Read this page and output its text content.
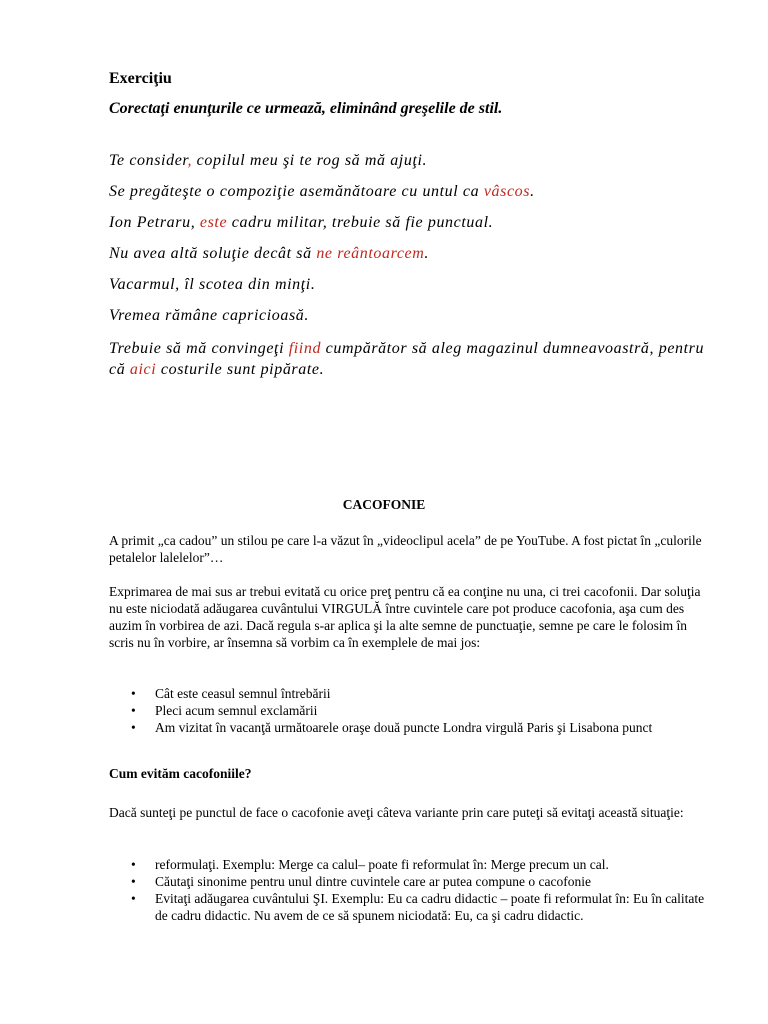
Exerciţiu
Corectaţi enunţurile ce urmează, eliminând greşelile de stil.
Te consider, copilul meu şi te rog să mă ajuţi.
Se pregăteşte o compoziţie asemănătoare cu untul ca vâscos.
Ion Petraru, este cadru militar, trebuie să fie punctual.
Nu avea altă soluţie decât să ne reântoarcem.
Vacarmul, îl scotea din minţi.
Vremea rămâne capricioasă.
Trebuie să mă convingeţi fiind cumpărător să aleg magazinul dumneavoastră, pentru că aici costurile sunt pipărate.
CACOFONIE
A primit „ca cadou” un stilou pe care l-a văzut în „videoclipul acela” de pe YouTube. A fost pictat în „culorile petalelor lalelelor”…
Exprimarea de mai sus ar trebui evitată cu orice preţ pentru că ea conţine nu una, ci trei cacofonii. Dar soluţia nu este niciodată adăugarea cuvântului VIRGULĂ între cuvintele care pot produce cacofonia, aşa cum des auzim în vorbirea de azi. Dacă regula s-ar aplica şi la alte semne de punctuaţie, semne pe care le folosim în scris nu în vorbire, ar însemna să vorbim ca în exemplele de mai jos:
• Cât este ceasul semnul întrebării
• Pleci acum semnul exclamării
• Am vizitat în vacanţă următoarele oraşe două puncte Londra virgulă Paris şi Lisabona punct
Cum evităm cacofoniile?
Dacă sunteţi pe punctul de face o cacofonie aveţi câteva variante prin care puteţi să evitaţi această situaţie:
• reformulaţi. Exemplu: Merge ca calul– poate fi reformulat în: Merge precum un cal.
• Căutaţi sinonime pentru unul dintre cuvintele care ar putea compune o cacofonie
• Evitaţi adăugarea cuvântului ŞI. Exemplu: Eu ca cadru didactic – poate fi reformulat în: Eu în calitate de cadru didactic. Nu avem de ce să spunem niciodată: Eu, ca şi cadru didactic.
